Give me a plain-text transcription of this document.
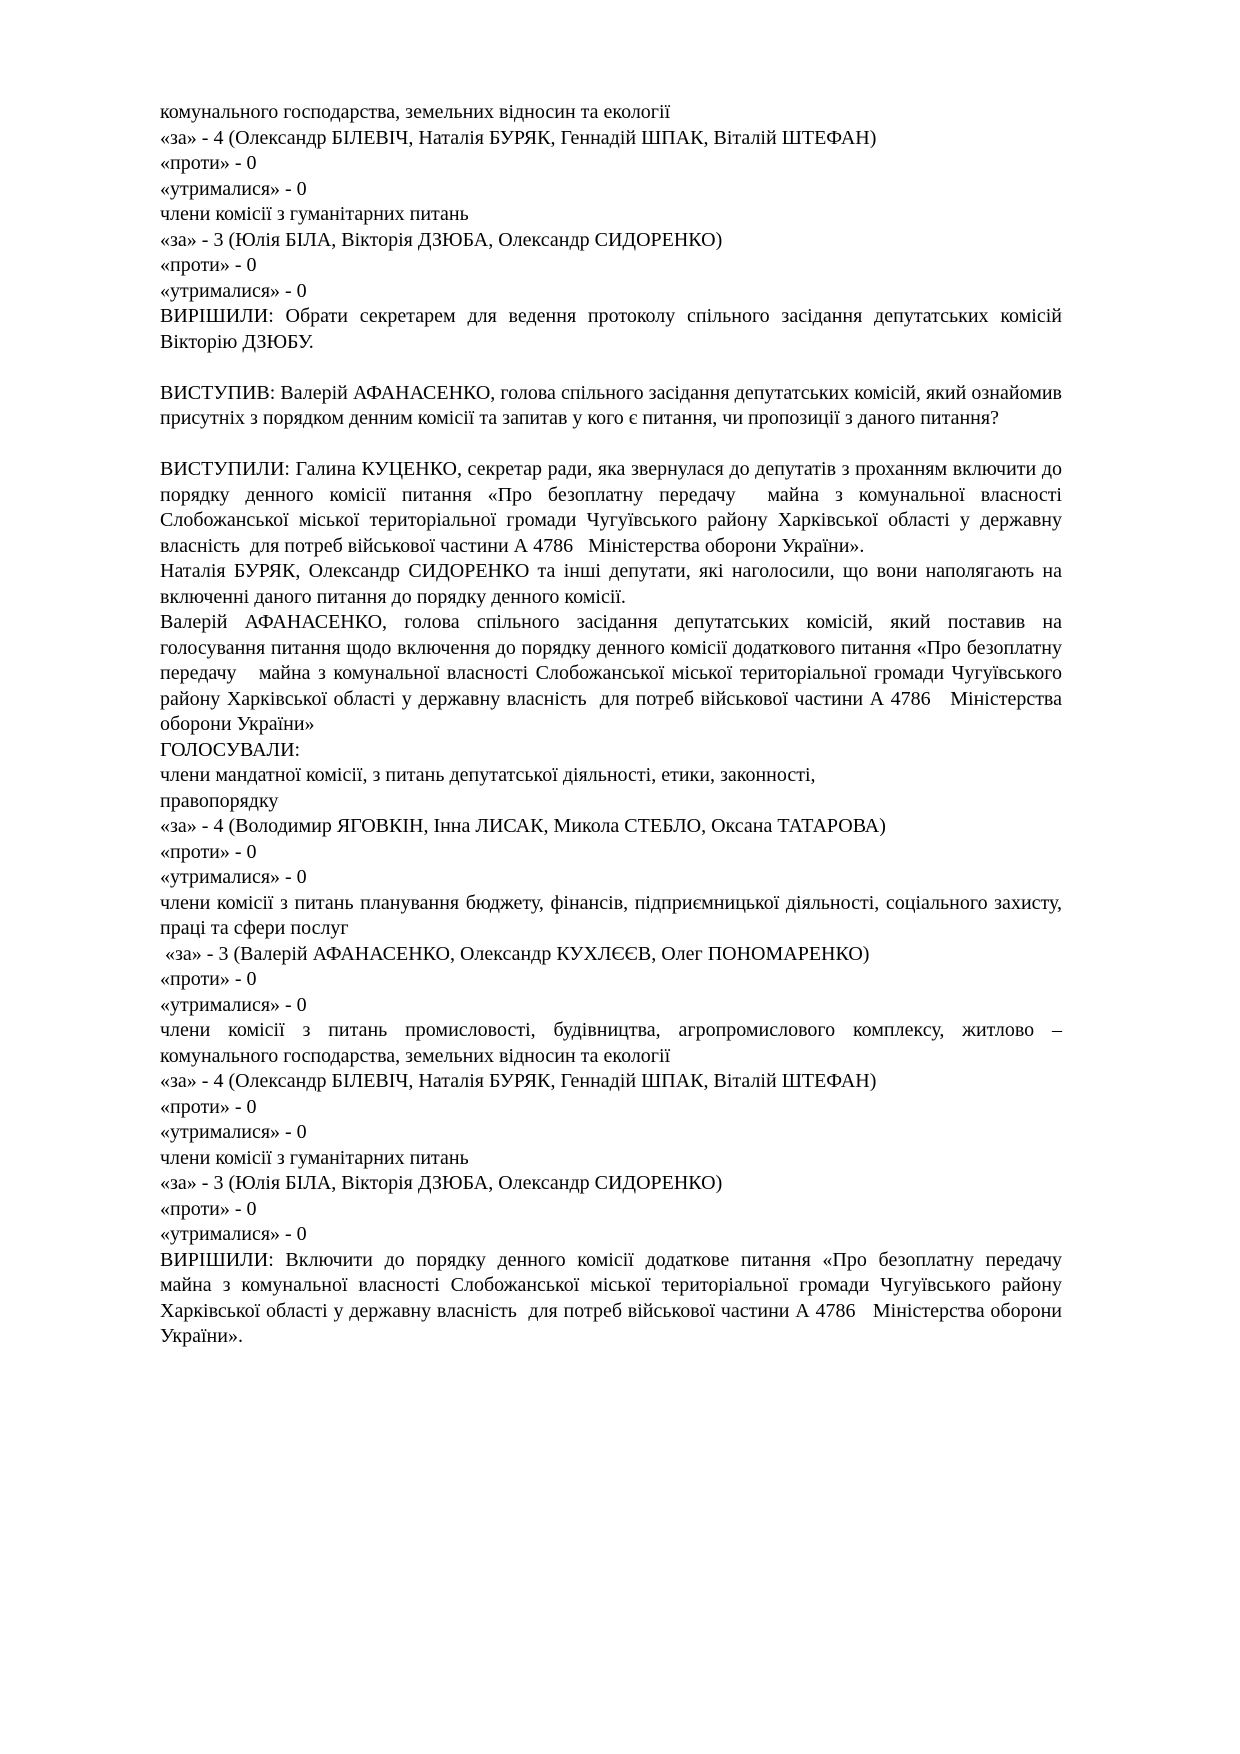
комунального господарства, земельних відносин та екології

«за» - 4 (Олександр БІЛЕВІЧ, Наталія БУРЯК, Геннадій ШПАК, Віталій ШТЕФАН)

«проти» - 0

«утрималися» - 0

члени комісії з гуманітарних питань

«за» - 3 (Юлія БІЛА, Вікторія ДЗЮБА, Олександр СИДОРЕНКО)

«проти» - 0

«утрималися» - 0

ВИРІШИЛИ: Обрати секретарем для ведення протоколу спільного засідання депутатських комісій Вікторію ДЗЮБУ.

ВИСТУПИВ: Валерій АФАНАСЕНКО, голова спільного засідання депутатських комісій, який ознайомив присутніх з порядком денним комісії та запитав у кого є питання, чи пропозиції з даного питання?

ВИСТУПИЛИ: Галина КУЦЕНКО, секретар ради, яка звернулася до депутатів з проханням включити до порядку денного комісії питання «Про безоплатну передачу  майна з комунальної власності Слобожанської міської територіальної громади Чугуївського району Харківської області у державну власність  для потреб військової частини А 4786   Міністерства оборони України».

Наталія БУРЯК, Олександр СИДОРЕНКО та інші депутати, які наголосили, що вони наполягають на включенні даного питання до порядку денного комісії.

Валерій АФАНАСЕНКО, голова спільного засідання депутатських комісій, який поставив на голосування питання щодо включення до порядку денного комісії додаткового питання «Про безоплатну передачу   майна з комунальної власності Слобожанської міської територіальної громади Чугуївського району Харківської області у державну власність  для потреб військової частини А 4786   Міністерства оборони України»

ГОЛОСУВАЛИ:

члени мандатної комісії, з питань депутатської діяльності, етики, законності,

правопорядку

«за» - 4 (Володимир ЯГОВКІН, Інна ЛИСАК, Микола СТЕБЛО, Оксана ТАТАРОВА)

«проти» - 0

«утрималися» - 0

члени комісії з питань планування бюджету, фінансів, підприємницької діяльності, соціального захисту, праці та сфери послуг

«за» - 3 (Валерій АФАНАСЕНКО, Олександр КУХЛЄЄВ, Олег ПОНОМАРЕНКО)

«проти» - 0

«утрималися» - 0

члени комісії з питань промисловості, будівництва, агропромислового комплексу, житлово – комунального господарства, земельних відносин та екології

«за» - 4 (Олександр БІЛЕВІЧ, Наталія БУРЯК, Геннадій ШПАК, Віталій ШТЕФАН)

«проти» - 0

«утрималися» - 0

члени комісії з гуманітарних питань

«за» - 3 (Юлія БІЛА, Вікторія ДЗЮБА, Олександр СИДОРЕНКО)

«проти» - 0

«утрималися» - 0

ВИРІШИЛИ: Включити до порядку денного комісії додаткове питання «Про безоплатну передачу   майна з комунальної власності Слобожанської міської територіальної громади Чугуївського району Харківської області у державну власність  для потреб військової частини А 4786   Міністерства оборони України».
